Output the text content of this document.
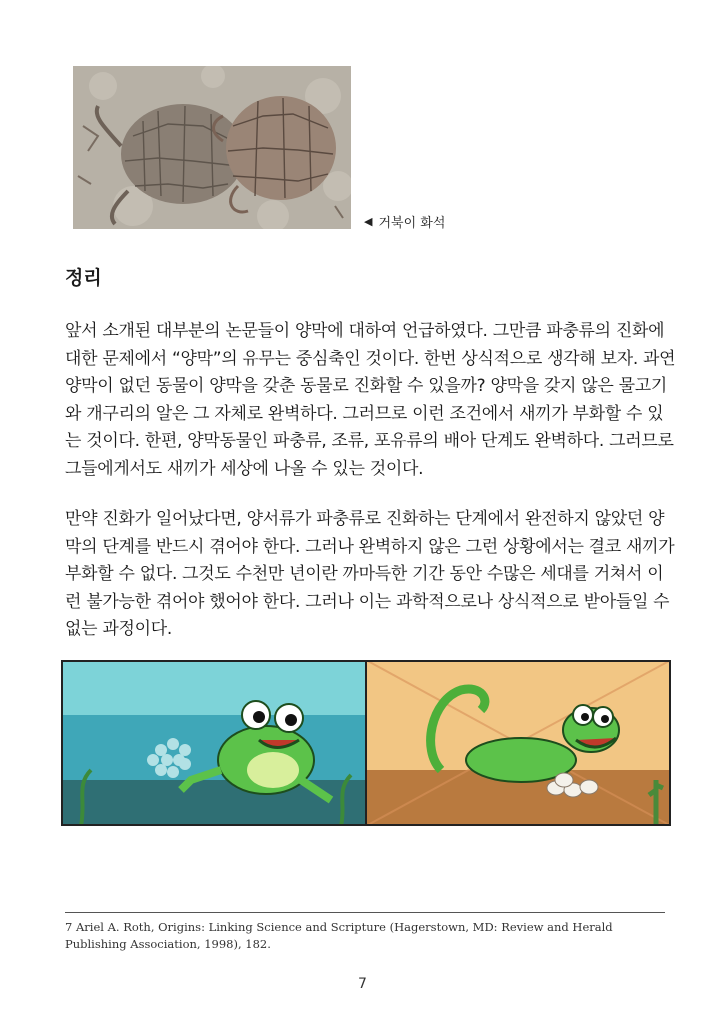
◀ 거북이 화석
정리

앞서 소개된 대부분의 논문들이 양막에 대하여 언급하였다. 그만큼 파충류의 진화에 대한 문제에서 “양막”의 유무는 중심축인 것이다. 한번 상식적으로 생각해 보자. 과연 양막이 없던 동물이 양막을 갖춘 동물로 진화할 수 있을까? 양막을 갖지 않은 물고기와 개구리의 알은 그 자체로 완벽하다. 그러므로 이런 조건에서 새끼가 부화할 수 있는 것이다. 한편, 양막동물인 파충류, 조류, 포유류의 배아 단계도 완벽하다. 그러므로 그들에게서도 새끼가 세상에 나올 수 있는 것이다.

만약 진화가 일어났다면, 양서류가 파충류로 진화하는 단계에서 완전하지 않았던 양막의 단계를 반드시 겪어야 한다. 그러나 완벽하지 않은 그런 상황에서는 결코 새끼가 부화할 수 없다. 그것도 수천만 년이란 까마득한 기간 동안 수많은 세대를 거쳐서 이런 불가능한 겪어야 했어야 한다. 그러나 이는 과학적으로나 상식적으로 받아들일 수 없는 과정이다.

7 Ariel A. Roth, Origins: Linking Science and Scripture (Hagerstown, MD: Review and Herald Publishing Association, 1998), 182.
7
